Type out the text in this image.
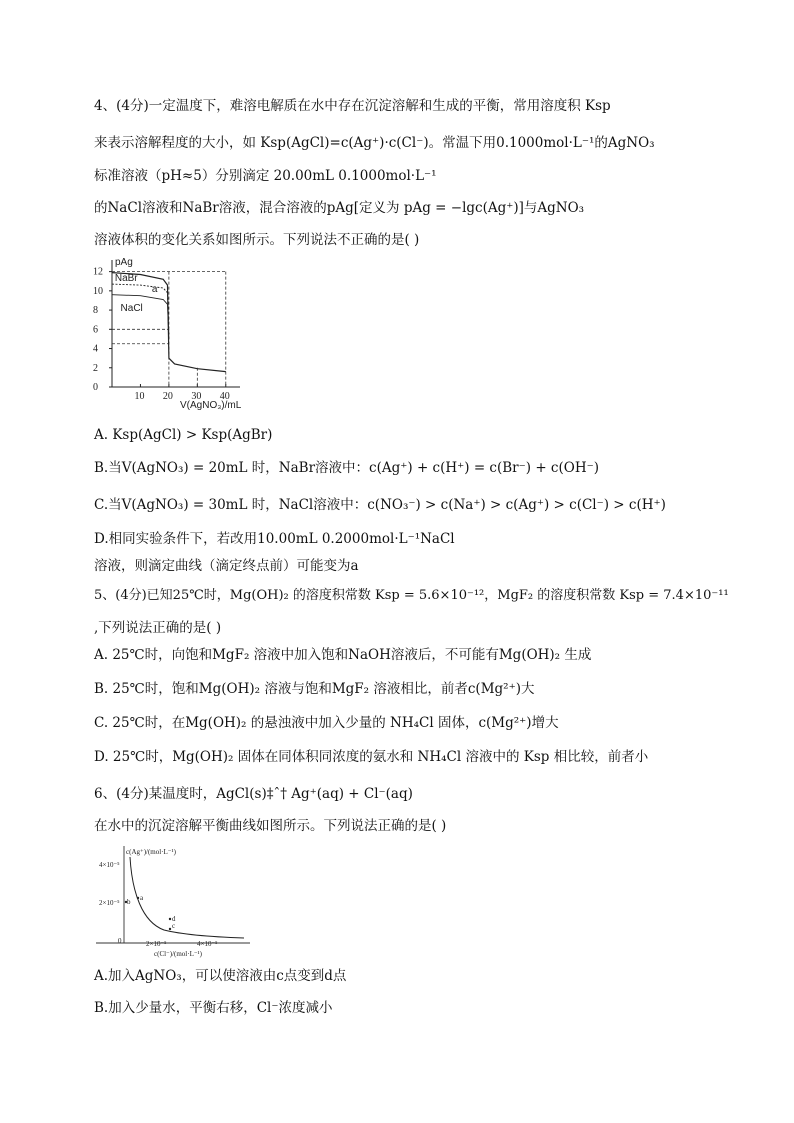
4、(4分)一定温度下，难溶电解质在水中存在沉淀溶解和生成的平衡，常用溶度积 Ksp
来表示溶解程度的大小，如 Ksp(AgCl)=c(Ag⁺)·c(Cl⁻)。常温下用0.1000mol·L⁻¹的AgNO₃
标准溶液（pH≈5）分别滴定 20.00mL 0.1000mol·L⁻¹
的NaCl溶液和NaBr溶液，混合溶液的pAg[定义为 pAg = −lgc(Ag⁺)]与AgNO₃
溶液体积的变化关系如图所示。下列说法不正确的是( )
pAg
V(AgNO₃)/mL
0
2
4
6
8
10
12
10 20 30 40
NaBr
a
NaCl
A. Ksp(AgCl) > Ksp(AgBr)
B.当V(AgNO₃) = 20mL 时，NaBr溶液中：c(Ag⁺) + c(H⁺) = c(Br⁻) + c(OH⁻)
C.当V(AgNO₃) = 30mL 时，NaCl溶液中：c(NO₃⁻) > c(Na⁺) > c(Ag⁺) > c(Cl⁻) > c(H⁺)
D.相同实验条件下，若改用10.00mL 0.2000mol·L⁻¹NaCl
溶液，则滴定曲线（滴定终点前）可能变为a
5、(4分)已知25℃时，Mg(OH)₂ 的溶度积常数 Ksp = 5.6×10⁻¹²，MgF₂ 的溶度积常数 Ksp = 7.4×10⁻¹¹
,下列说法正确的是( )
A. 25℃时，向饱和MgF₂ 溶液中加入饱和NaOH溶液后，不可能有Mg(OH)₂ 生成
B. 25℃时，饱和Mg(OH)₂ 溶液与饱和MgF₂ 溶液相比，前者c(Mg²⁺)大
C. 25℃时，在Mg(OH)₂ 的悬浊液中加入少量的 NH₄Cl 固体，c(Mg²⁺)增大
D. 25℃时，Mg(OH)₂ 固体在同体积同浓度的氨水和 NH₄Cl 溶液中的 Ksp 相比较，前者小
6、(4分)某温度时，AgCl(s)‡ˆ† Ag⁺(aq) + Cl⁻(aq)
在水中的沉淀溶解平衡曲线如图所示。下列说法正确的是( )
c(Ag⁺)/(mol·L⁻¹)
c(Cl⁻)/(mol·L⁻¹)
4×10⁻⁵
2×10⁻⁵
0	2×10⁻⁵	4×10⁻⁵
b a
d
c
A.加入AgNO₃，可以使溶液由c点变到d点
B.加入少量水，平衡右移，Cl⁻浓度减小
